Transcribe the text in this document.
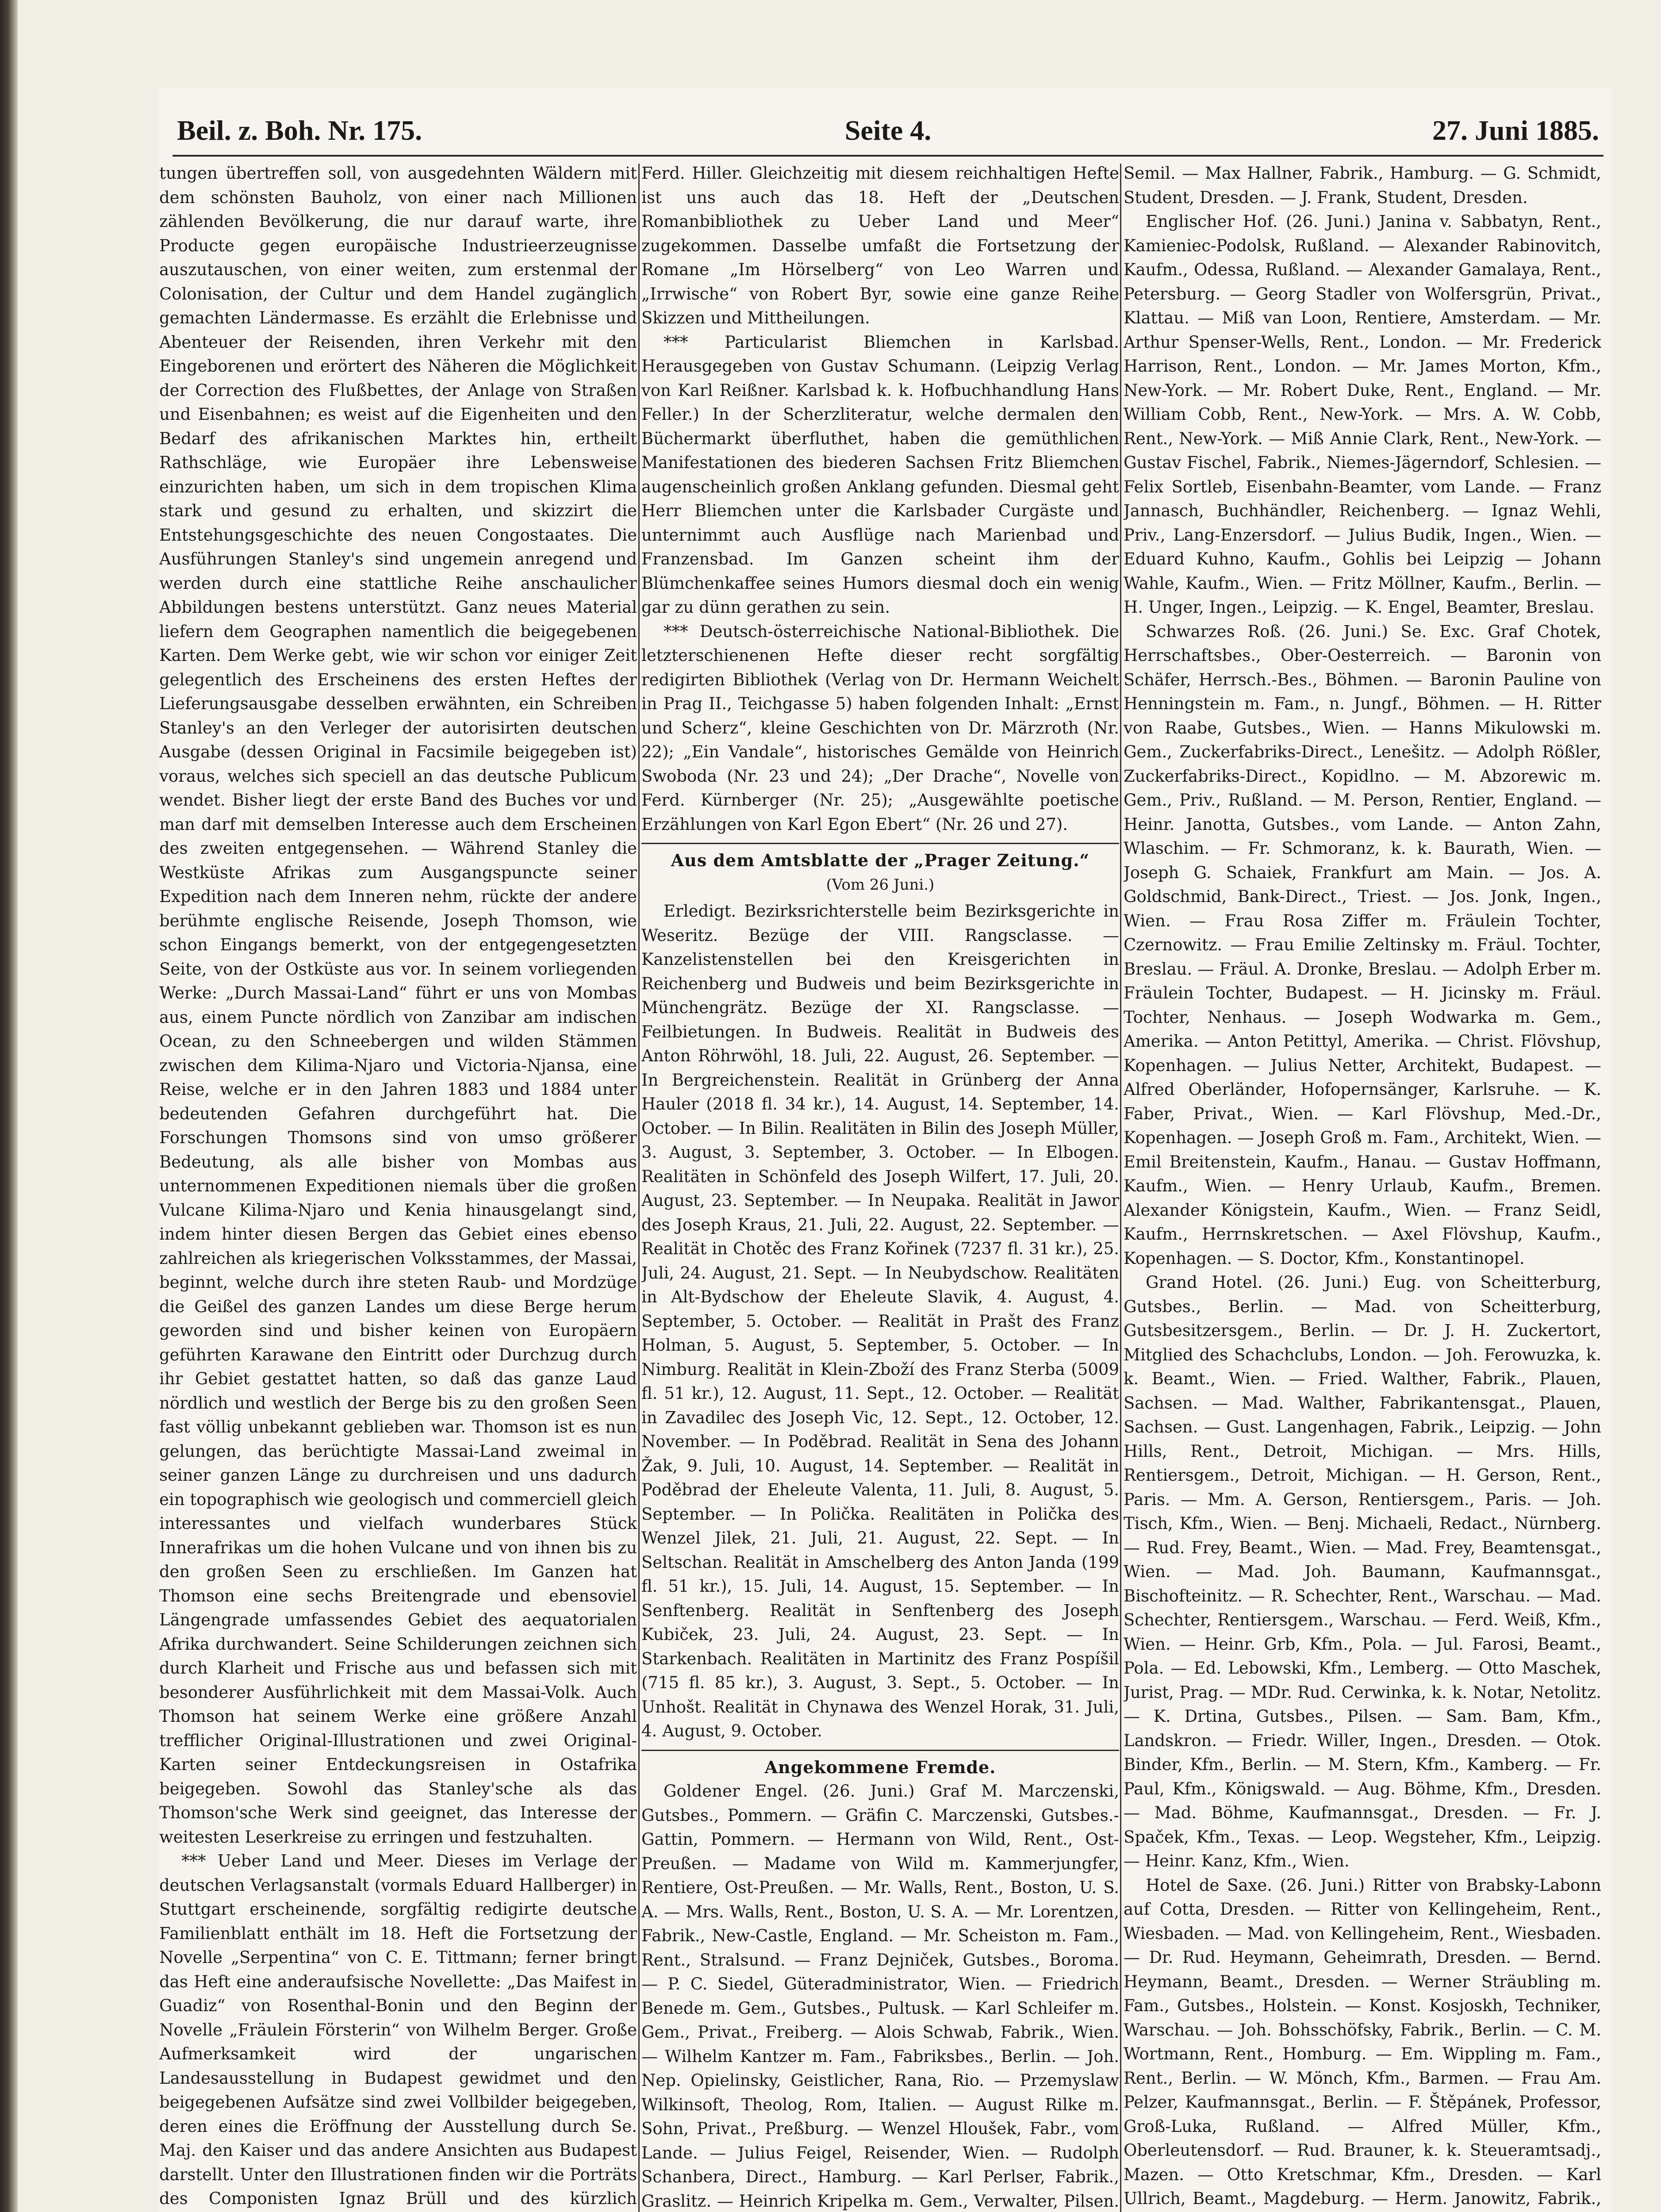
Beil. z. Boh. Nr. 175.	Seite 4.	27. Juni 1885.

tungen übertreffen soll, von ausgedehnten Wäldern mit dem schönsten Bauholz, von einer nach Millionen zählenden Bevölkerung, die nur darauf warte, ihre Producte gegen europäische Industrieerzeugnisse auszutauschen, von einer weiten, zum erstenmal der Colonisation, der Cultur und dem Handel zugänglich gemachten Ländermasse. Es erzählt die Erlebnisse und Abenteuer der Reisenden, ihren Verkehr mit den Eingeborenen und erörtert des Näheren die Möglichkeit der Correction des Flußbettes, der Anlage von Straßen und Eisenbahnen; es weist auf die Eigenheiten und den Bedarf des afrikanischen Marktes hin, ertheilt Rathschläge, wie Europäer ihre Lebensweise einzurichten haben, um sich in dem tropischen Klima stark und gesund zu erhalten, und skizzirt die Entstehungsgeschichte des neuen Congostaates. Die Ausführungen Stanley's sind ungemein anregend und werden durch eine stattliche Reihe anschaulicher Abbildungen bestens unterstützt. Ganz neues Material liefern dem Geographen namentlich die beigegebenen Karten. Dem Werke gebt, wie wir schon vor einiger Zeit gelegentlich des Erscheinens des ersten Heftes der Lieferungsausgabe desselben erwähnten, ein Schreiben Stanley's an den Verleger der autorisirten deutschen Ausgabe (dessen Original in Facsimile beigegeben ist) voraus, welches sich speciell an das deutsche Publicum wendet. Bisher liegt der erste Band des Buches vor und man darf mit demselben Interesse auch dem Erscheinen des zweiten entgegensehen. — Während Stanley die Westküste Afrikas zum Ausgangspuncte seiner Expedition nach dem Inneren nehm, rückte der andere berühmte englische Reisende, Joseph Thomson, wie schon Eingangs bemerkt, von der entgegengesetzten Seite, von der Ostküste aus vor. In seinem vorliegenden Werke: „Durch Massai-Land“ führt er uns von Mombas aus, einem Puncte nördlich von Zanzibar am indischen Ocean, zu den Schneebergen und wilden Stämmen zwischen dem Kilima-Njaro und Victoria-Njansa, eine Reise, welche er in den Jahren 1883 und 1884 unter bedeutenden Gefahren durchgeführt hat. Die Forschungen Thomsons sind von umso größerer Bedeutung, als alle bisher von Mombas aus unternommenen Expeditionen niemals über die großen Vulcane Kilima-Njaro und Kenia hinausgelangt sind, indem hinter diesen Bergen das Gebiet eines ebenso zahlreichen als kriegerischen Volksstammes, der Massai, beginnt, welche durch ihre steten Raub- und Mordzüge die Geißel des ganzen Landes um diese Berge herum geworden sind und bisher keinen von Europäern geführten Karawane den Eintritt oder Durchzug durch ihr Gebiet gestattet hatten, so daß das ganze Laud nördlich und westlich der Berge bis zu den großen Seen fast völlig unbekannt geblieben war. Thomson ist es nun gelungen, das berüchtigte Massai-Land zweimal in seiner ganzen Länge zu durchreisen und uns dadurch ein topographisch wie geologisch und commerciell gleich interessantes und vielfach wunderbares Stück Innerafrikas um die hohen Vulcane und von ihnen bis zu den großen Seen zu erschließen. Im Ganzen hat Thomson eine sechs Breitengrade und ebensoviel Längengrade umfassendes Gebiet des aequatorialen Afrika durchwandert. Seine Schilderungen zeichnen sich durch Klarheit und Frische aus und befassen sich mit besonderer Ausführlichkeit mit dem Massai-Volk. Auch Thomson hat seinem Werke eine größere Anzahl trefflicher Original-Illustrationen und zwei Original-Karten seiner Entdeckungsreisen in Ostafrika beigegeben. Sowohl das Stanley'sche als das Thomson'sche Werk sind geeignet, das Interesse der weitesten Leserkreise zu erringen und festzuhalten.

*** Ueber Land und Meer. Dieses im Verlage der deutschen Verlagsanstalt (vormals Eduard Hallberger) in Stuttgart erscheinende, sorgfältig redigirte deutsche Familienblatt enthält im 18. Heft die Fortsetzung der Novelle „Serpentina“ von C. E. Tittmann; ferner bringt das Heft eine anderaufsische Novellette: „Das Maifest in Guadiz“ von Rosenthal-Bonin und den Beginn der Novelle „Fräulein Försterin“ von Wilhelm Berger. Große Aufmerksamkeit wird der ungarischen Landesausstellung in Budapest gewidmet und den beigegebenen Aufsätze sind zwei Vollbilder beigegeben, deren eines die Eröffnung der Ausstellung durch Se. Maj. den Kaiser und das andere Ansichten aus Budapest darstellt. Unter den Illustrationen finden wir die Porträts des Componisten Ignaz Brüll und des kürzlich

Ferd. Hiller. Gleichzeitig mit diesem reichhaltigen Hefte ist uns auch das 18. Heft der „Deutschen Romanbibliothek zu Ueber Land und Meer“ zugekommen. Dasselbe umfaßt die Fortsetzung der Romane „Im Hörselberg“ von Leo Warren und „Irrwische“ von Robert Byr, sowie eine ganze Reihe Skizzen und Mittheilungen.

*** Particularist Bliemchen in Karlsbad. Herausgegeben von Gustav Schumann. (Leipzig Verlag von Karl Reißner. Karlsbad k. k. Hofbuchhandlung Hans Feller.) In der Scherzliteratur, welche dermalen den Büchermarkt überfluthet, haben die gemüthlichen Manifestationen des biederen Sachsen Fritz Bliemchen augenscheinlich großen Anklang gefunden. Diesmal geht Herr Bliemchen unter die Karlsbader Curgäste und unternimmt auch Ausflüge nach Marienbad und Franzensbad. Im Ganzen scheint ihm der Blümchenkaffee seines Humors diesmal doch ein wenig gar zu dünn gerathen zu sein.

*** Deutsch-österreichische National-Bibliothek. Die letzterschienenen Hefte dieser recht sorgfältig redigirten Bibliothek (Verlag von Dr. Hermann Weichelt in Prag II., Teichgasse 5) haben folgenden Inhalt: „Ernst und Scherz“, kleine Geschichten von Dr. Märzroth (Nr. 22); „Ein Vandale“, historisches Gemälde von Heinrich Swoboda (Nr. 23 und 24); „Der Drache“, Novelle von Ferd. Kürnberger (Nr. 25); „Ausgewählte poetische Erzählungen von Karl Egon Ebert“ (Nr. 26 und 27).

Aus dem Amtsblatte der „Prager Zeitung.“
(Vom 26 Juni.)

Erledigt. Bezirksrichterstelle beim Bezirksgerichte in Weseritz. Bezüge der VIII. Rangsclasse. — Kanzelistenstellen bei den Kreisgerichten in Reichenberg und Budweis und beim Bezirksgerichte in Münchengrätz. Bezüge der XI. Rangsclasse. — Feilbietungen. In Budweis. Realität in Budweis des Anton Röhrwöhl, 18. Juli, 22. August, 26. September. — In Bergreichenstein. Realität in Grünberg der Anna Hauler (2018 fl. 34 kr.), 14. August, 14. September, 14. October. — In Bilin. Realitäten in Bilin des Joseph Müller, 3. August, 3. September, 3. October. — In Elbogen. Realitäten in Schönfeld des Joseph Wilfert, 17. Juli, 20. August, 23. September. — In Neupaka. Realität in Jawor des Joseph Kraus, 21. Juli, 22. August, 22. September. — Realität in Chotěc des Franz Kořinek (7237 fl. 31 kr.), 25. Juli, 24. August, 21. Sept. — In Neubydschow. Realitäten in Alt-Bydschow der Eheleute Slavik, 4. August, 4. September, 5. October. — Realität in Prašt des Franz Holman, 5. August, 5. September, 5. October. — In Nimburg. Realität in Klein-Zboží des Franz Sterba (5009 fl. 51 kr.), 12. August, 11. Sept., 12. October. — Realität in Zavadilec des Joseph Vic, 12. Sept., 12. October, 12. November. — In Poděbrad. Realität in Sena des Johann Žak, 9. Juli, 10. August, 14. September. — Realität in Poděbrad der Eheleute Valenta, 11. Juli, 8. August, 5. September. — In Polička. Realitäten in Polička des Wenzel Jilek, 21. Juli, 21. August, 22. Sept. — In Seltschan. Realität in Amschelberg des Anton Janda (199 fl. 51 kr.), 15. Juli, 14. August, 15. September. — In Senftenberg. Realität in Senftenberg des Joseph Kubiček, 23. Juli, 24. August, 23. Sept. — In Starkenbach. Realitäten in Martinitz des Franz Pospíšil (715 fl. 85 kr.), 3. August, 3. Sept., 5. October. — In Unhošt. Realität in Chynawa des Wenzel Horak, 31. Juli, 4. August, 9. October.

Angekommene Fremde.

Goldener Engel. (26. Juni.) Graf M. Marczenski, Gutsbes., Pommern. — Gräfin C. Marczenski, Gutsbes.-Gattin, Pommern. — Hermann von Wild, Rent., Ost-Preußen. — Madame von Wild m. Kammerjungfer, Rentiere, Ost-Preußen. — Mr. Walls, Rent., Boston, U. S. A. — Mrs. Walls, Rent., Boston, U. S. A. — Mr. Lorentzen, Fabrik., New-Castle, England. — Mr. Scheiston m. Fam., Rent., Stralsund. — Franz Dejniček, Gutsbes., Boroma. — P. C. Siedel, Güteradministrator, Wien. — Friedrich Benede m. Gem., Gutsbes., Pultusk. — Karl Schleifer m. Gem., Privat., Freiberg. — Alois Schwab, Fabrik., Wien. — Wilhelm Kantzer m. Fam., Fabriksbes., Berlin. — Joh. Nep. Opielinsky, Geistlicher, Rana, Rio. — Przemyslaw Wilkinsoft, Theolog, Rom, Italien. — August Rilke m. Sohn, Privat., Preßburg. — Wenzel Hloušek, Fabr., vom Lande. — Julius Feigel, Reisender, Wien. — Rudolph Schanbera, Direct., Hamburg. — Karl Perlser, Fabrik., Graslitz. — Heinrich Kripelka m. Gem., Verwalter, Pilsen.

Semil. — Max Hallner, Fabrik., Hamburg. — G. Schmidt, Student, Dresden. — J. Frank, Student, Dresden.

Englischer Hof. (26. Juni.) Janina v. Sabbatyn, Rent., Kamieniec-Podolsk, Rußland. — Alexander Rabinovitch, Kaufm., Odessa, Rußland. — Alexander Gamalaya, Rent., Petersburg. — Georg Stadler von Wolfersgrün, Privat., Klattau. — Miß van Loon, Rentiere, Amsterdam. — Mr. Arthur Spenser-Wells, Rent., London. — Mr. Frederick Harrison, Rent., London. — Mr. James Morton, Kfm., New-York. — Mr. Robert Duke, Rent., England. — Mr. William Cobb, Rent., New-York. — Mrs. A. W. Cobb, Rent., New-York. — Miß Annie Clark, Rent., New-York. — Gustav Fischel, Fabrik., Niemes-Jägerndorf, Schlesien. — Felix Sortleb, Eisenbahn-Beamter, vom Lande. — Franz Jannasch, Buchhändler, Reichenberg. — Ignaz Wehli, Priv., Lang-Enzersdorf. — Julius Budik, Ingen., Wien. — Eduard Kuhno, Kaufm., Gohlis bei Leipzig — Johann Wahle, Kaufm., Wien. — Fritz Möllner, Kaufm., Berlin. — H. Unger, Ingen., Leipzig. — K. Engel, Beamter, Breslau.

Schwarzes Roß. (26. Juni.) Se. Exc. Graf Chotek, Herrschaftsbes., Ober-Oesterreich. — Baronin von Schäfer, Herrsch.-Bes., Böhmen. — Baronin Pauline von Henningstein m. Fam., n. Jungf., Böhmen. — H. Ritter von Raabe, Gutsbes., Wien. — Hanns Mikulowski m. Gem., Zuckerfabriks-Direct., Lenešitz. — Adolph Rößler, Zuckerfabriks-Direct., Kopidlno. — M. Abzorewic m. Gem., Priv., Rußland. — M. Person, Rentier, England. — Heinr. Janotta, Gutsbes., vom Lande. — Anton Zahn, Wlaschim. — Fr. Schmoranz, k. k. Baurath, Wien. — Joseph G. Schaiek, Frankfurt am Main. — Jos. A. Goldschmid, Bank-Direct., Triest. — Jos. Jonk, Ingen., Wien. — Frau Rosa Ziffer m. Fräulein Tochter, Czernowitz. — Frau Emilie Zeltinsky m. Fräul. Tochter, Breslau. — Fräul. A. Dronke, Breslau. — Adolph Erber m. Fräulein Tochter, Budapest. — H. Jicinsky m. Fräul. Tochter, Nenhaus. — Joseph Wodwarka m. Gem., Amerika. — Anton Petittyl, Amerika. — Christ. Flövshup, Kopenhagen. — Julius Netter, Architekt, Budapest. — Alfred Oberländer, Hofopernsänger, Karlsruhe. — K. Faber, Privat., Wien. — Karl Flövshup, Med.-Dr., Kopenhagen. — Joseph Groß m. Fam., Architekt, Wien. — Emil Breitenstein, Kaufm., Hanau. — Gustav Hoffmann, Kaufm., Wien. — Henry Urlaub, Kaufm., Bremen. Alexander Königstein, Kaufm., Wien. — Franz Seidl, Kaufm., Herrnskretschen. — Axel Flövshup, Kaufm., Kopenhagen. — S. Doctor, Kfm., Konstantinopel.

Grand Hotel. (26. Juni.) Eug. von Scheitterburg, Gutsbes., Berlin. — Mad. von Scheitterburg, Gutsbesitzersgem., Berlin. — Dr. J. H. Zuckertort, Mitglied des Schachclubs, London. — Joh. Ferowuzka, k. k. Beamt., Wien. — Fried. Walther, Fabrik., Plauen, Sachsen. — Mad. Walther, Fabrikantensgat., Plauen, Sachsen. — Gust. Langenhagen, Fabrik., Leipzig. — John Hills, Rent., Detroit, Michigan. — Mrs. Hills, Rentiersgem., Detroit, Michigan. — H. Gerson, Rent., Paris. — Mm. A. Gerson, Rentiersgem., Paris. — Joh. Tisch, Kfm., Wien. — Benj. Michaeli, Redact., Nürnberg. — Rud. Frey, Beamt., Wien. — Mad. Frey, Beamtensgat., Wien. — Mad. Joh. Baumann, Kaufmannsgat., Bischofteinitz. — R. Schechter, Rent., Warschau. — Mad. Schechter, Rentiersgem., Warschau. — Ferd. Weiß, Kfm., Wien. — Heinr. Grb, Kfm., Pola. — Jul. Farosi, Beamt., Pola. — Ed. Lebowski, Kfm., Lemberg. — Otto Maschek, Jurist, Prag. — MDr. Rud. Cerwinka, k. k. Notar, Netolitz. — K. Drtina, Gutsbes., Pilsen. — Sam. Bam, Kfm., Landskron. — Friedr. Willer, Ingen., Dresden. — Otok. Binder, Kfm., Berlin. — M. Stern, Kfm., Kamberg. — Fr. Paul, Kfm., Königswald. — Aug. Böhme, Kfm., Dresden. — Mad. Böhme, Kaufmannsgat., Dresden. — Fr. J. Spaček, Kfm., Texas. — Leop. Wegsteher, Kfm., Leipzig. — Heinr. Kanz, Kfm., Wien.

Hotel de Saxe. (26. Juni.) Ritter von Brabsky-Labonn auf Cotta, Dresden. — Ritter von Kellingeheim, Rent., Wiesbaden. — Mad. von Kellingeheim, Rent., Wiesbaden. — Dr. Rud. Heymann, Geheimrath, Dresden. — Bernd. Heymann, Beamt., Dresden. — Werner Sträubling m. Fam., Gutsbes., Holstein. — Konst. Kosjoskh, Techniker, Warschau. — Joh. Bohsschöfsky, Fabrik., Berlin. — C. M. Wortmann, Rent., Homburg. — Em. Wippling m. Fam., Rent., Berlin. — W. Mönch, Kfm., Barmen. — Frau Am. Pelzer, Kaufmannsgat., Berlin. — F. Štěpánek, Professor, Groß-Luka, Rußland. — Alfred Müller, Kfm., Oberleutensdorf. — Rud. Brauner, k. k. Steueramtsadj., Mazen. — Otto Kretschmar, Kfm., Dresden. — Karl Ullrich, Beamt., Magdeburg. — Herm. Janowitz, Fabrik.,
